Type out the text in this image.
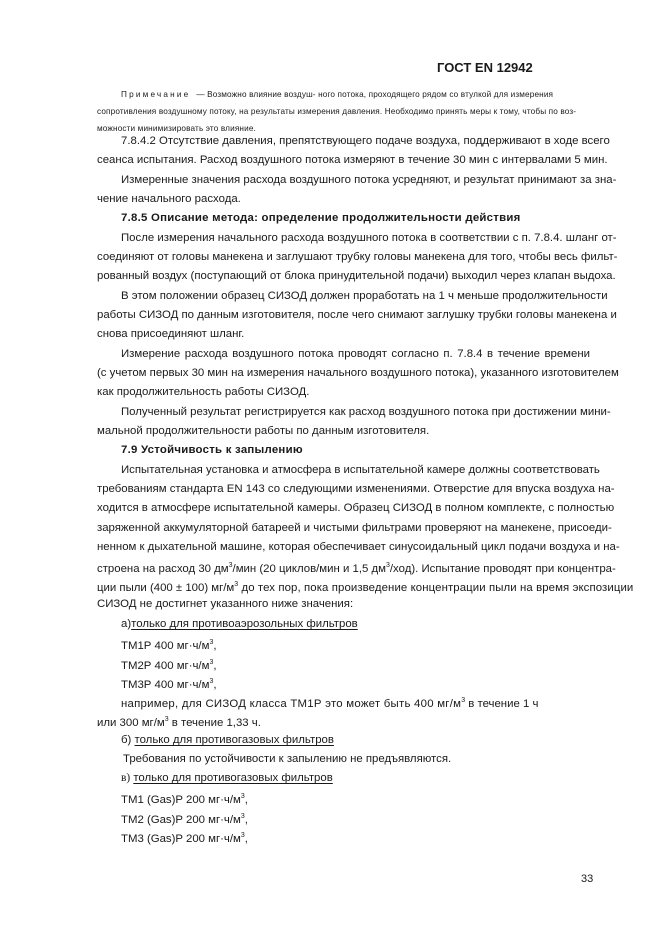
ГОСТ EN 12942
Примечание — Возможно влияние воздуш- ного потока, проходящего рядом со втулкой для измерения
сопротивления воздушному потоку, на результаты измерения давления. Необходимо принять меры к тому, чтобы по воз-
можности минимизировать это влияние.
7.8.4.2 Отсутствие давления, препятствующего подаче воздуха, поддерживают в ходе всего
сеанса испытания. Расход воздушного потока измеряют в течение 30 мин с интервалами 5 мин.
Измеренные значения расхода воздушного потока усредняют, и результат принимают за зна-
чение начального расхода.
7.8.5 Описание метода: определение продолжительности действия
После измерения начального расхода воздушного потока в соответствии с п. 7.8.4. шланг от-
соединяют от головы манекена и заглушают трубку головы манекена для того, чтобы весь фильт-
рованный воздух (поступающий от блока принудительной подачи) выходил через клапан выдоха.
В этом положении образец СИЗОД должен проработать на 1 ч меньше продолжительности
работы СИЗОД по данным изготовителя, после чего снимают заглушку трубки головы манекена и
снова присоединяют шланг.
Измерение расхода воздушного потока проводят согласно п. 7.8.4 в течение времени
(с учетом первых 30 мин на измерения начального воздушного потока), указанного изготовителем
как продолжительность работы СИЗОД.
Полученный результат регистрируется как расход воздушного потока при достижении мини-
мальной продолжительности работы по данным изготовителя.
7.9 Устойчивость к запылению
Испытательная установка и атмосфера в испытательной камере должны соответствовать
требованиям стандарта EN 143 со следующими изменениями. Отверстие для впуска воздуха на-
ходится в атмосфере испытательной камеры. Образец СИЗОД в полном комплекте, с полностью
заряженной аккумуляторной батареей и чистыми фильтрами проверяют на манекене, присоеди-
ненном к дыхательной машине, которая обеспечивает синусоидальный цикл подачи воздуха и на-
строена на расход 30 $дм^3$/мин (20 циклов/мин и 1,5 $дм^3/ход$). Испытание проводят при концентра-
ции пыли (400 ± 100) $мг/м^3$ до тех пор, пока произведение концентрации пыли на время экспозиции
СИЗОД не достигнет указанного ниже значения:
а)только для противоаэрозольных фильтров
ТМ1Р 400 $мг\cdot ч/м^3$,
ТМ2Р 400 $мг\cdot ч/м^3$,
ТМ3Р 400 $мг\cdot ч/м^3$,
например, для СИЗОД класса ТМ1Р это может быть 400 $мг/м^3$ в течение 1 ч
или 300 $мг/м^3$ в течение 1,33 ч.
б) только для противогазовых фильтров
Требования по устойчивости к запылению не предъявляются.
в) только для противогазовых фильтров
ТМ1 (Gas)P 200 $мг\cdot ч/м^3$,
ТМ2 (Gas)P 200 $мг\cdot ч/м^3$,
ТМ3 (Gas)P 200 $мг\cdot ч/м^3$,
33
